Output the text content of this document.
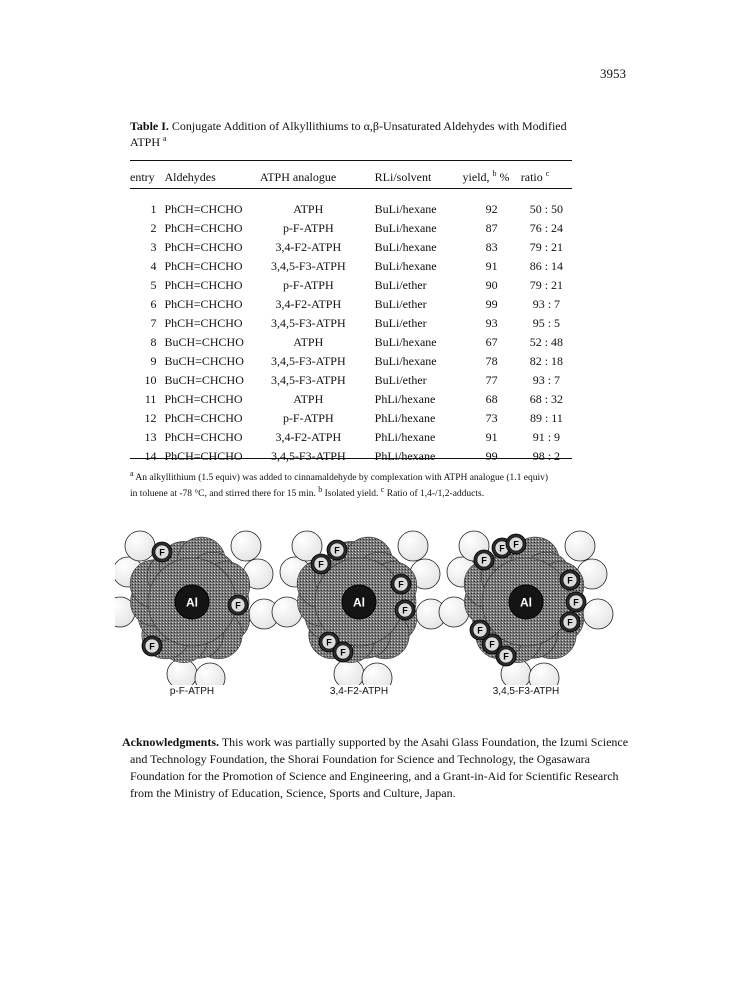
3953
Table I. Conjugate Addition of Alkyllithiums to α,β-Unsaturated Aldehydes with Modified
ATPH $^a$
entry	Aldehydes	ATPH analogue	RLi/solvent	yield, $^b$ %	ratio $^c$
1	PhCH=CHCHO	ATPH	BuLi/hexane	92	50 : 50
2	PhCH=CHCHO	p-F-ATPH	BuLi/hexane	87	76 : 24
3	PhCH=CHCHO	3,4-F2-ATPH	BuLi/hexane	83	79 : 21
4	PhCH=CHCHO	3,4,5-F3-ATPH	BuLi/hexane	91	86 : 14
5	PhCH=CHCHO	p-F-ATPH	BuLi/ether	90	79 : 21
6	PhCH=CHCHO	3,4-F2-ATPH	BuLi/ether	99	93 : 7
7	PhCH=CHCHO	3,4,5-F3-ATPH	BuLi/ether	93	95 : 5
8	BuCH=CHCHO	ATPH	BuLi/hexane	67	52 : 48
9	BuCH=CHCHO	3,4,5-F3-ATPH	BuLi/hexane	78	82 : 18
10	BuCH=CHCHO	3,4,5-F3-ATPH	BuLi/ether	77	93 : 7
11	PhCH=CHCHO	ATPH	PhLi/hexane	68	68 : 32
12	PhCH=CHCHO	p-F-ATPH	PhLi/hexane	73	89 : 11
13	PhCH=CHCHO	3,4-F2-ATPH	PhLi/hexane	91	91 : 9
14	PhCH=CHCHO	3,4,5-F3-ATPH	PhLi/hexane	99	98 : 2
$^a$ An alkyllithium (1.5 equiv) was added to cinnamaldehyde by complexation with ATPH analogue (1.1 equiv)
in toluene at -78 °C, and stirred there for 15 min. $^b$ Isolated yield. $^c$ Ratio of 1,4-/1,2-adducts.
F
F
F
Al
F
F
F
F
F
F
Al
F
F
F
F
F
F
F
F
F
Al
p-F-ATPH	3,4-F2-ATPH	3,4,5-F3-ATPH
Acknowledgments. This work was partially supported by the Asahi Glass Foundation, the Izumi Science and Technology Foundation, the Shorai Foundation for Science and Technology, the Ogasawara Foundation for the Promotion of Science and Engineering, and a Grant-in-Aid for Scientific Research from the Ministry of Education, Science, Sports and Culture, Japan.
